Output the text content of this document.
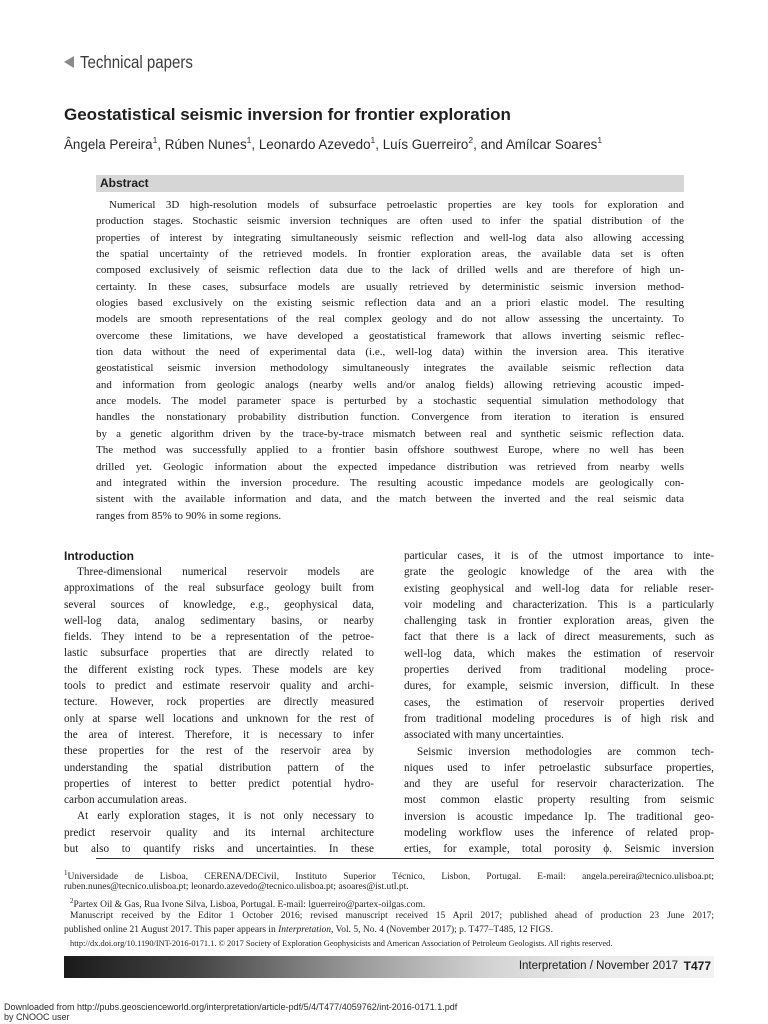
Technical papers
Geostatistical seismic inversion for frontier exploration
Ângela Pereira$^1$, Rúben Nunes$^1$, Leonardo Azevedo$^1$, Luís Guerreiro$^2$, and Amílcar Soares$^1$
Abstract
Numerical 3D high-resolution models of subsurface petroelastic properties are key tools for exploration and
production stages. Stochastic seismic inversion techniques are often used to infer the spatial distribution of the
properties of interest by integrating simultaneously seismic reflection and well-log data also allowing accessing
the spatial uncertainty of the retrieved models. In frontier exploration areas, the available data set is often
composed exclusively of seismic reflection data due to the lack of drilled wells and are therefore of high un-
certainty. In these cases, subsurface models are usually retrieved by deterministic seismic inversion method-
ologies based exclusively on the existing seismic reflection data and an a priori elastic model. The resulting
models are smooth representations of the real complex geology and do not allow assessing the uncertainty. To
overcome these limitations, we have developed a geostatistical framework that allows inverting seismic reflec-
tion data without the need of experimental data (i.e., well-log data) within the inversion area. This iterative
geostatistical seismic inversion methodology simultaneously integrates the available seismic reflection data
and information from geologic analogs (nearby wells and/or analog fields) allowing retrieving acoustic imped-
ance models. The model parameter space is perturbed by a stochastic sequential simulation methodology that
handles the nonstationary probability distribution function. Convergence from iteration to iteration is ensured
by a genetic algorithm driven by the trace-by-trace mismatch between real and synthetic seismic reflection data.
The method was successfully applied to a frontier basin offshore southwest Europe, where no well has been
drilled yet. Geologic information about the expected impedance distribution was retrieved from nearby wells
and integrated within the inversion procedure. The resulting acoustic impedance models are geologically con-
sistent with the available information and data, and the match between the inverted and the real seismic data
ranges from 85% to 90% in some regions.
Introduction
Three-dimensional numerical reservoir models are
approximations of the real subsurface geology built from
several sources of knowledge, e.g., geophysical data,
well-log data, analog sedimentary basins, or nearby
fields. They intend to be a representation of the petroe-
lastic subsurface properties that are directly related to
the different existing rock types. These models are key
tools to predict and estimate reservoir quality and archi-
tecture. However, rock properties are directly measured
only at sparse well locations and unknown for the rest of
the area of interest. Therefore, it is necessary to infer
these properties for the rest of the reservoir area by
understanding the spatial distribution pattern of the
properties of interest to better predict potential hydro-
carbon accumulation areas.
At early exploration stages, it is not only necessary to
predict reservoir quality and its internal architecture
but also to quantify risks and uncertainties. In these
particular cases, it is of the utmost importance to inte-
grate the geologic knowledge of the area with the
existing geophysical and well-log data for reliable reser-
voir modeling and characterization. This is a particularly
challenging task in frontier exploration areas, given the
fact that there is a lack of direct measurements, such as
well-log data, which makes the estimation of reservoir
properties derived from traditional modeling proce-
dures, for example, seismic inversion, difficult. In these
cases, the estimation of reservoir properties derived
from traditional modeling procedures is of high risk and
associated with many uncertainties.
Seismic inversion methodologies are common tech-
niques used to infer petroelastic subsurface properties,
and they are useful for reservoir characterization. The
most common elastic property resulting from seismic
inversion is acoustic impedance Ip. The traditional geo-
modeling workflow uses the inference of related prop-
erties, for example, total porosity ϕ. Seismic inversion
$^1$Universidade de Lisboa, CERENA/DECivil, Instituto Superior Técnico, Lisbon, Portugal. E-mail: angela.pereira@tecnico.ulisboa.pt;
ruben.nunes@tecnico.ulisboa.pt; leonardo.azevedo@tecnico.ulisboa.pt; asoares@ist.utl.pt.
$^2$Partex Oil & Gas, Rua Ivone Silva, Lisboa, Portugal. E-mail: lguerreiro@partex-oilgas.com.
Manuscript received by the Editor 1 October 2016; revised manuscript received 15 April 2017; published ahead of production 23 June 2017;
published online 21 August 2017. This paper appears in Interpretation, Vol. 5, No. 4 (November 2017); p. T477–T485, 12 FIGS.
http://dx.doi.org/10.1190/INT-2016-0171.1. © 2017 Society of Exploration Geophysicists and American Association of Petroleum Geologists. All rights reserved.
Interpretation / November 2017 T477
Downloaded from http://pubs.geoscienceworld.org/interpretation/article-pdf/5/4/T477/4059762/int-2016-0171.1.pdf
by CNOOC user
